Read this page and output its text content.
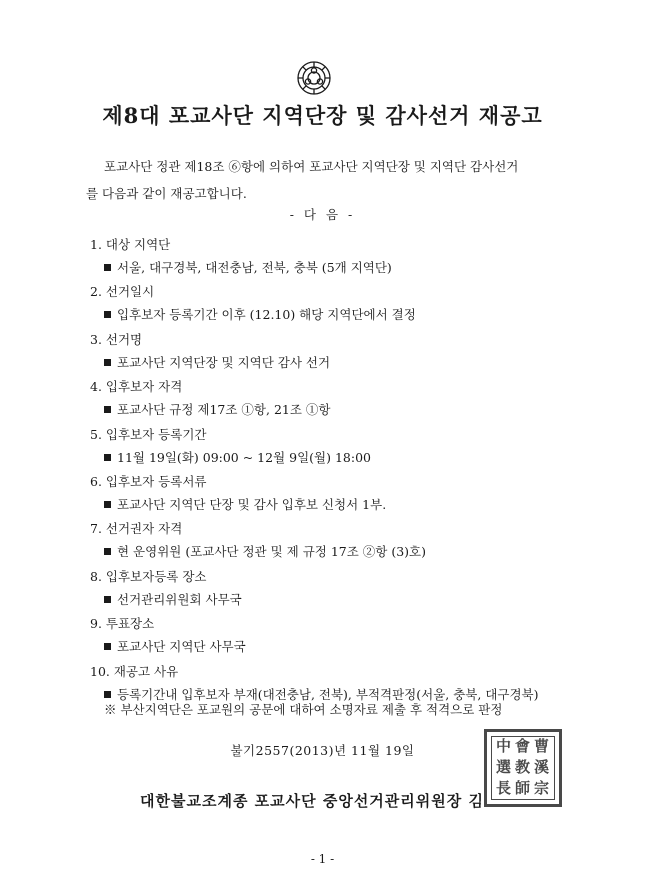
제8대 포교사단 지역단장 및 감사선거 재공고
포교사단 정관 제18조 ⑥항에 의하여 포교사단 지역단장 및 지역단 감사선거
를 다음과 같이 재공고합니다.
- 다 음 -
1. 대상 지역단
서울, 대구경북, 대전충남, 전북, 충북 (5개 지역단)
2. 선거일시
입후보자 등록기간 이후 (12.10) 해당 지역단에서 결정
3. 선거명
포교사단 지역단장 및 지역단 감사 선거
4. 입후보자 자격
포교사단 규정 제17조 ①항, 21조 ①항
5. 입후보자 등록기간
11월 19일(화) 09:00 ~ 12월 9일(월) 18:00
6. 입후보자 등록서류
포교사단 지역단 단장 및 감사 입후보 신청서 1부.
7. 선거권자 자격
현 운영위원 (포교사단 정관 및 제 규정 17조 ②항 (3)호)
8. 입후보자등록 장소
선거관리위원회 사무국
9. 투표장소
포교사단 지역단 사무국
10. 재공고 사유
등록기간내 입후보자 부재(대전충남, 전북), 부적격판정(서울, 충북, 대구경북)
※ 부산지역단은 포교원의 공문에 대하여 소명자료 제출 후 적격으로 판정
불기2557(2013)년 11월 19일
대한불교조계종 포교사단 중앙선거관리위원장 김
中 會 曹
選 教 溪
長 師 宗
- 1 -
